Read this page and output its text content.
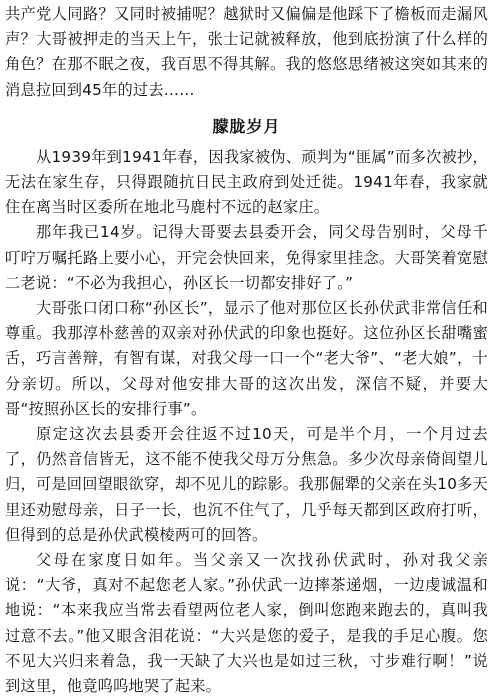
共产党人同路？又同时被捕呢？越狱时又偏偏是他踩下了檐板而走漏风声？大哥被押走的当天上午，张士记就被释放，他到底扮演了什么样的角色？在那不眠之夜，我百思不得其解。我的悠悠思绪被这突如其来的消息拉回到45年的过去……

朦胧岁月

从1939年到1941年春，因我家被伪、顽判为“匪属”而多次被抄，无法在家生存，只得跟随抗日民主政府到处迁徙。1941年春，我家就住在离当时区委所在地北马鹿村不远的赵家庄。

那年我已14岁。记得大哥要去县委开会，同父母告别时，父母千叮咛万嘱托路上要小心，开完会快回来，免得家里挂念。大哥笑着宽慰二老说：“不必为我担心，孙区长一切都安排好了。”

大哥张口闭口称“孙区长”，显示了他对那位区长孙伏武非常信任和尊重。我那淳朴慈善的双亲对孙伏武的印象也挺好。这位孙区长甜嘴蜜舌，巧言善辩，有智有谋，对我父母一口一个“老大爷”、“老大娘”，十分亲切。所以，父母对他安排大哥的这次出发，深信不疑，并要大哥“按照孙区长的安排行事”。

原定这次去县委开会往返不过10天，可是半个月，一个月过去了，仍然音信皆无，这不能不使我父母万分焦急。多少次母亲倚闾望儿归，可是回回望眼欲穿，却不见儿的踪影。我那倔犟的父亲在头10多天里还劝慰母亲，日子一长，也沉不住气了，几乎每天都到区政府打听，但得到的总是孙伏武模棱两可的回答。

父母在家度日如年。当父亲又一次找孙伏武时，孙对我父亲说：“大爷，真对不起您老人家。”孙伏武一边摔茶递烟，一边虔诚温和地说：“本来我应当常去看望两位老人家，倒叫您跑来跑去的，真叫我过意不去。”他又眼含泪花说：“大兴是您的爱子，是我的手足心腹。您不见大兴归来着急，我一天缺了大兴也是如过三秋，寸步难行啊！”说到这里，他竟呜呜地哭了起来。
